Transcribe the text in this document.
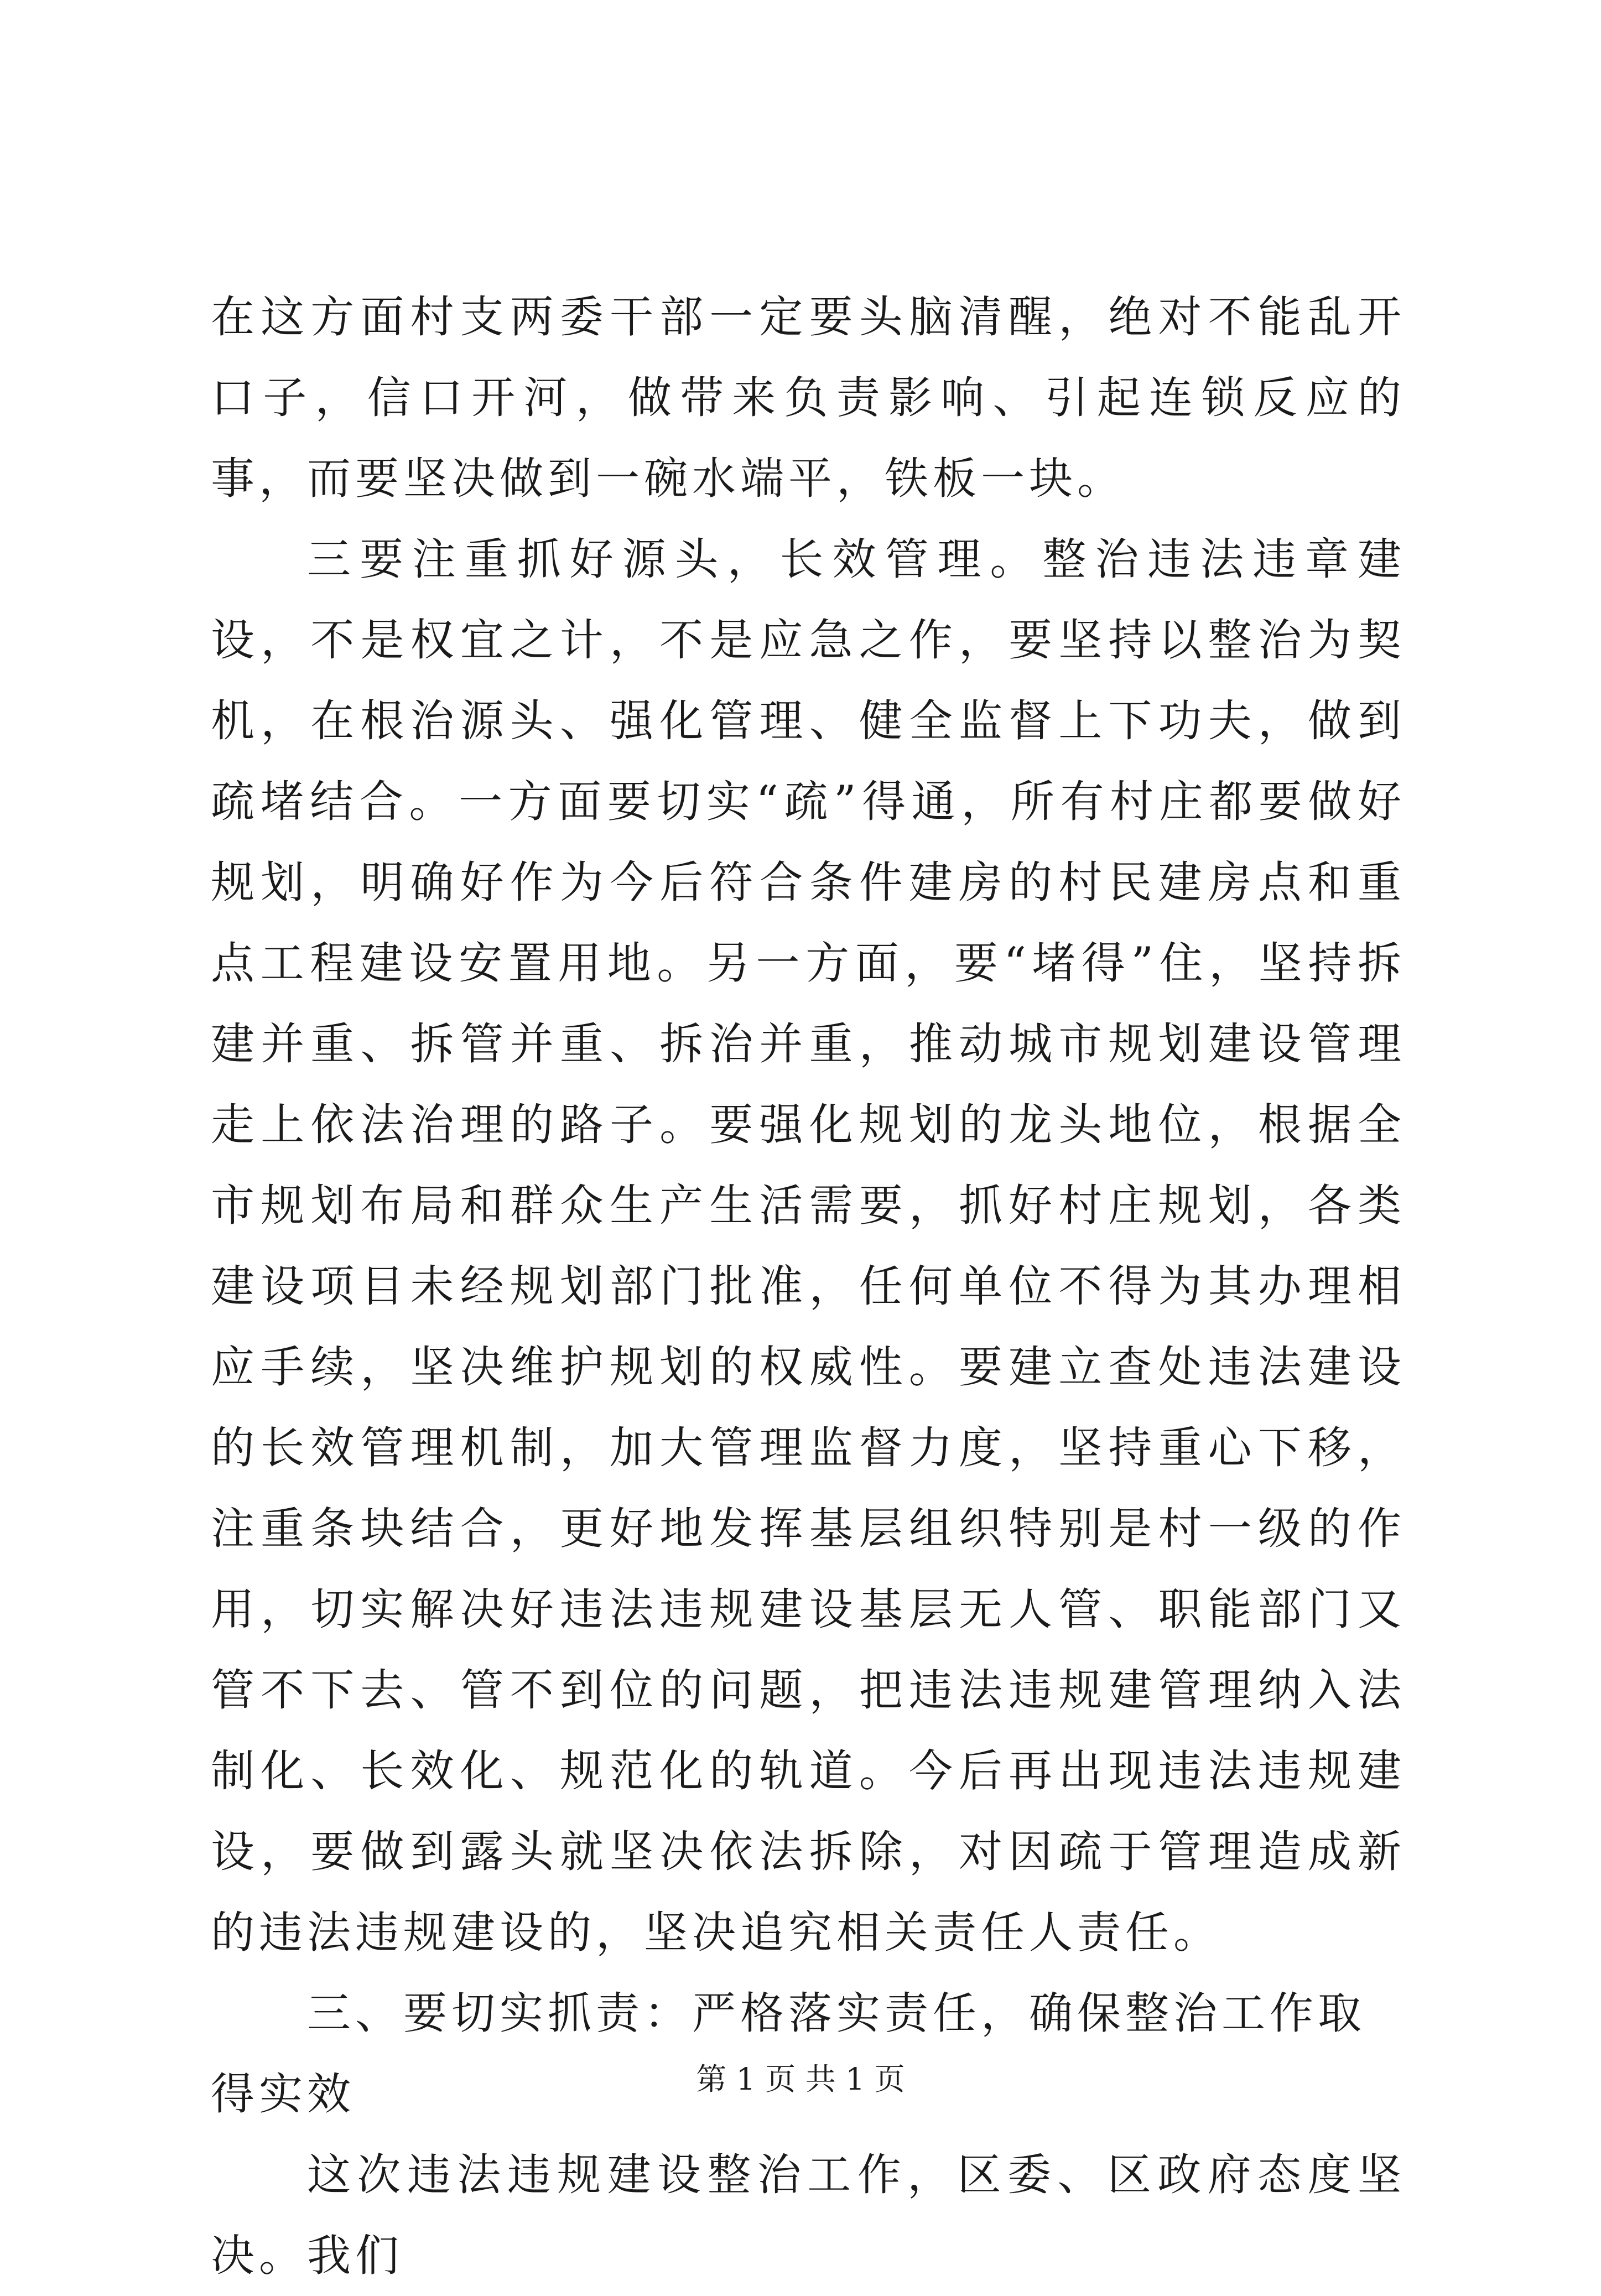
在这方面村支两委干部一定要头脑清醒，绝对不能乱开口子，信口开河，做带来负责影响、引起连锁反应的事，而要坚决做到一碗水端平，铁板一块。

三要注重抓好源头，长效管理。整治违法违章建设，不是权宜之计，不是应急之作，要坚持以整治为契机，在根治源头、强化管理、健全监督上下功夫，做到疏堵结合。一方面要切实“疏”得通，所有村庄都要做好规划，明确好作为今后符合条件建房的村民建房点和重点工程建设安置用地。另一方面，要“堵得”住，坚持拆建并重、拆管并重、拆治并重，推动城市规划建设管理走上依法治理的路子。要强化规划的龙头地位，根据全市规划布局和群众生产生活需要，抓好村庄规划，各类建设项目未经规划部门批准，任何单位不得为其办理相应手续，坚决维护规划的权威性。要建立查处违法建设的长效管理机制，加大管理监督力度，坚持重心下移，注重条块结合，更好地发挥基层组织特别是村一级的作用，切实解决好违法违规建设基层无人管、职能部门又管不下去、管不到位的问题，把违法违规建管理纳入法制化、长效化、规范化的轨道。今后再出现违法违规建设，要做到露头就坚决依法拆除，对因疏于管理造成新的违法违规建设的，坚决追究相关责任人责任。

三、要切实抓责：严格落实责任，确保整治工作取得实效

这次违法违规建设整治工作，区委、区政府态度坚决。我们

第 1 页 共 1 页
